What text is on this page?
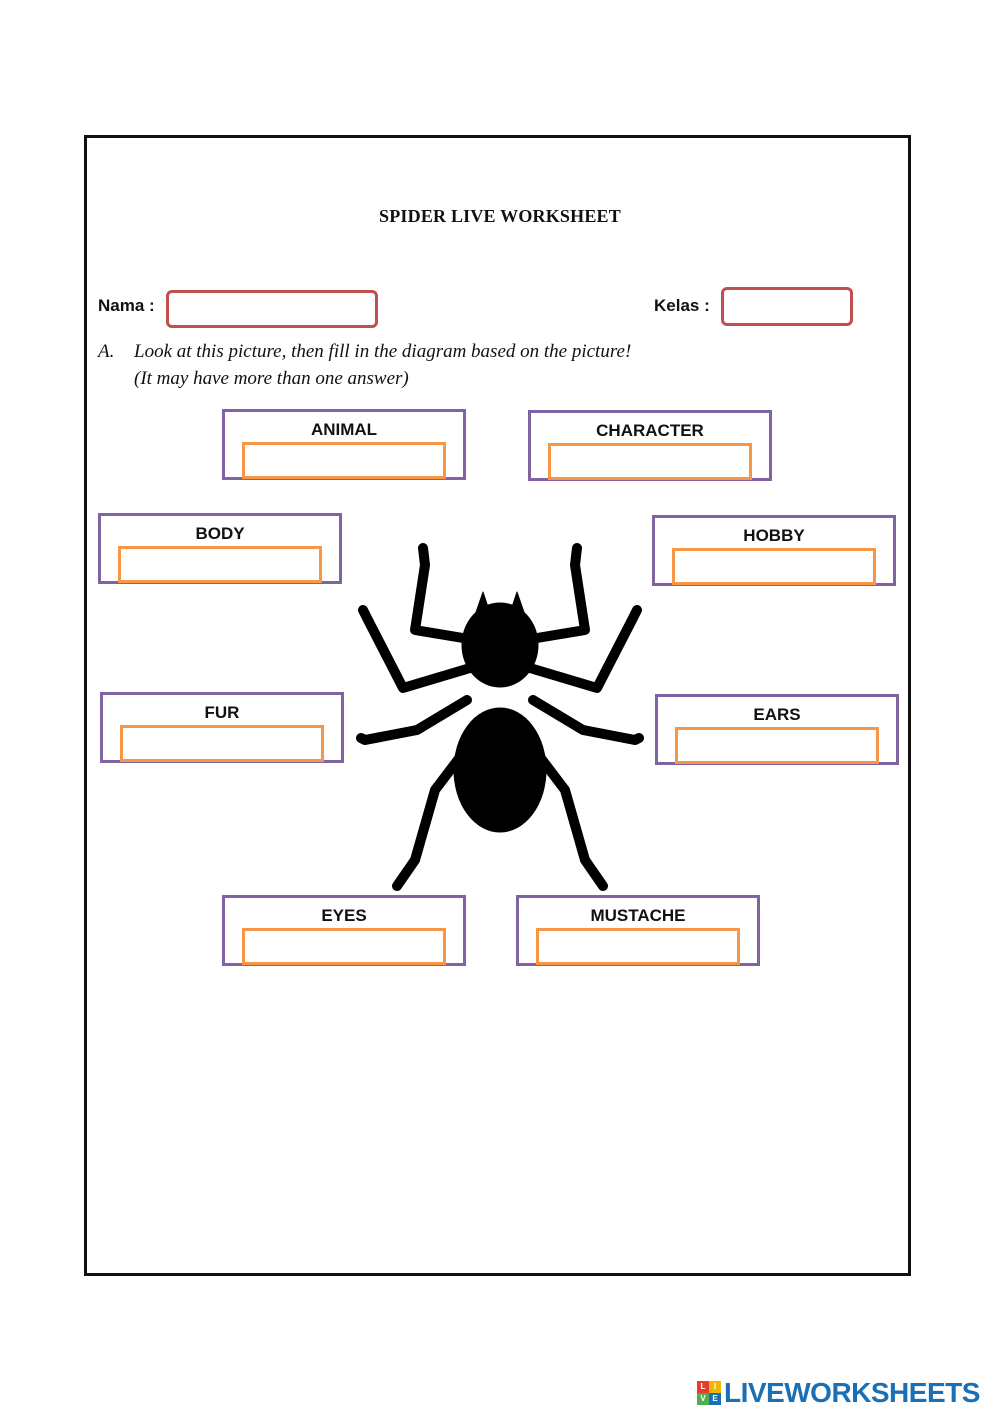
SPIDER LIVE WORKSHEET
Nama :	Kelas :
A. Look at this picture, then fill in the diagram based on the picture!
(It may have more than one answer)
ANIMAL	CHARACTER
BODY	HOBBY
FUR	EARS
EYES	MUSTACHE
L	I
V E LIVEWORKSHEETS
